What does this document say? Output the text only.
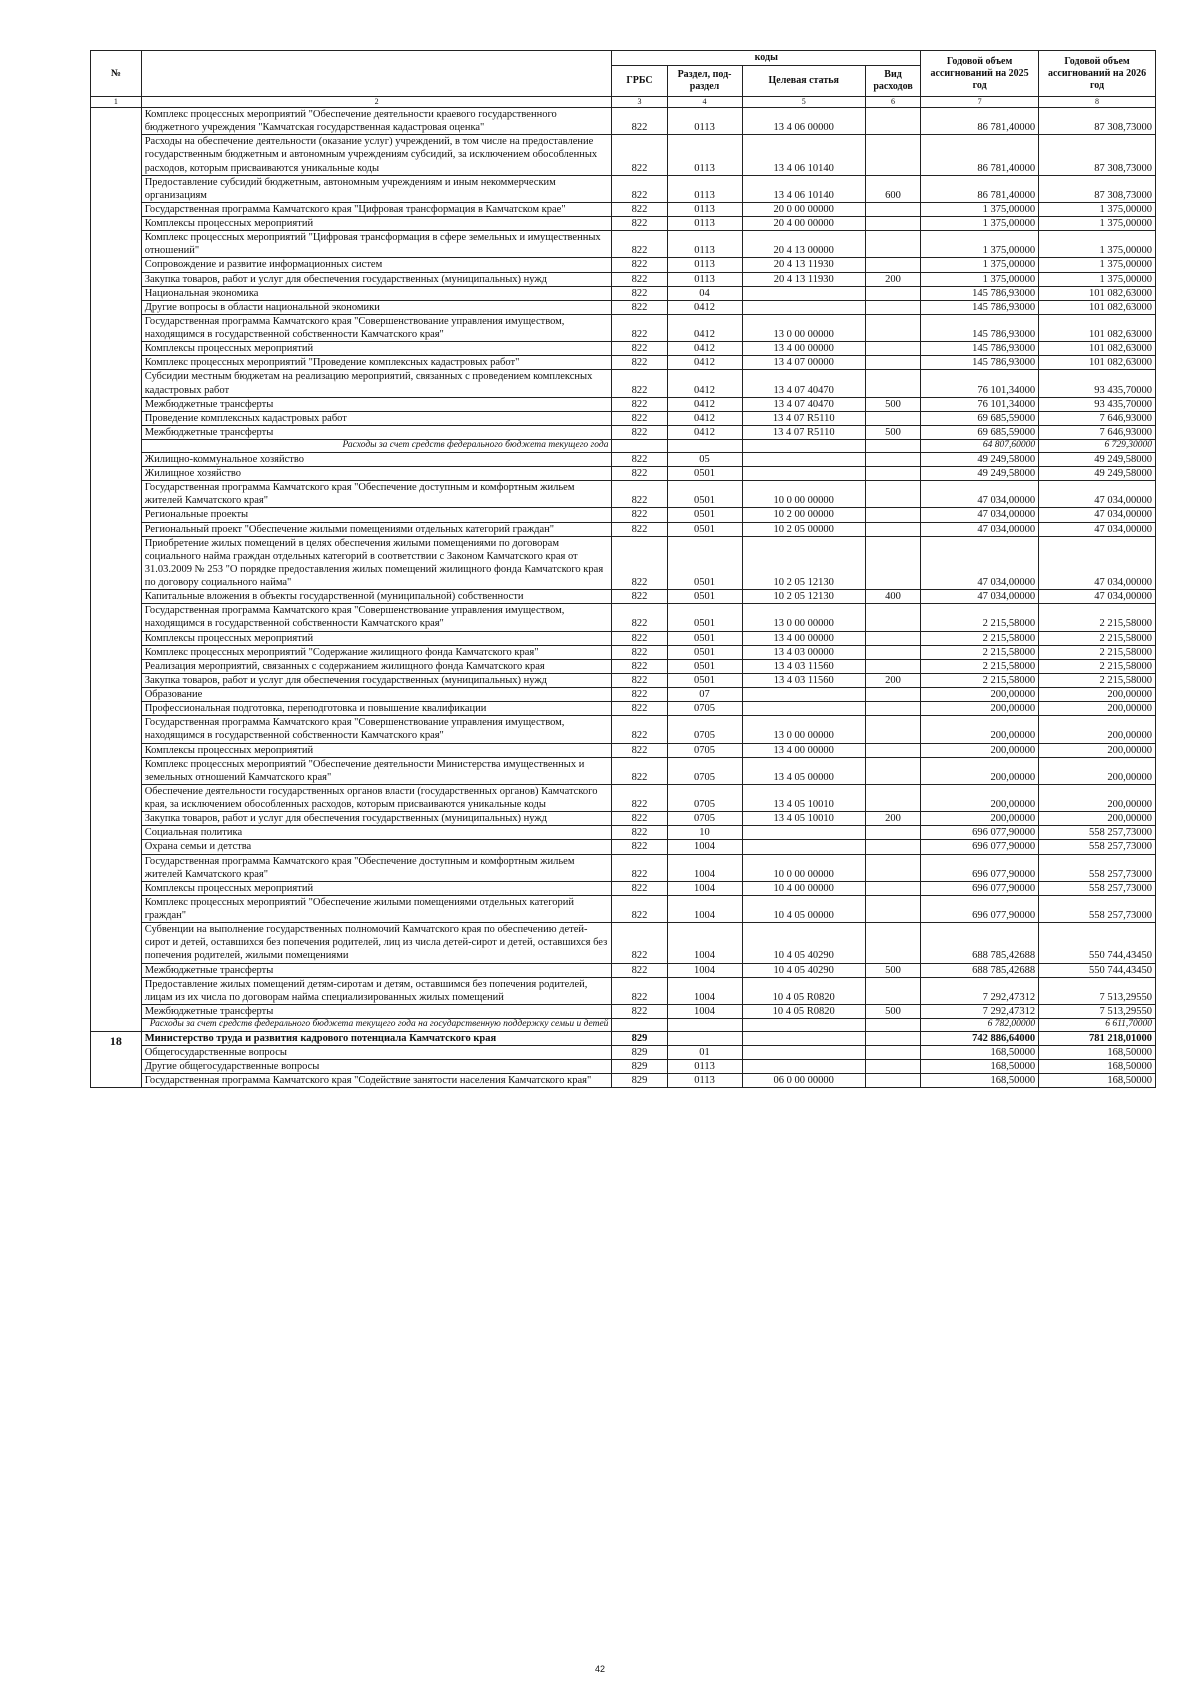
№		коды				Годовой объем ассигнований на 2025 год	Годовой объем ассигнований на 2026 год
		ГРБС	Раздел, под-раздел	Целевая статья	Вид расходов		
1	2	3	4	5	6	7	8
	Комплекс процессных мероприятий "Обеспечение деятельности краевого государственного бюджетного учреждения "Камчатская государственная кадастровая оценка"	822	0113	13 4 06 00000		86 781,40000	87 308,73000
	Расходы на обеспечение деятельности (оказание услуг) учреждений, в том числе на предоставление государственным бюджетным и автономным учреждениям субсидий, за исключением обособленных расходов, которым присваиваются уникальные коды	822	0113	13 4 06 10140		86 781,40000	87 308,73000
	Предоставление субсидий бюджетным, автономным учреждениям и иным некоммерческим организациям	822	0113	13 4 06 10140	600	86 781,40000	87 308,73000
	Государственная программа Камчатского края "Цифровая трансформация в Камчатском крае"	822	0113	20 0 00 00000		1 375,00000	1 375,00000
	Комплексы процессных мероприятий	822	0113	20 4 00 00000		1 375,00000	1 375,00000
	Комплекс процессных мероприятий "Цифровая трансформация в сфере земельных и имущественных отношений"	822	0113	20 4 13 00000		1 375,00000	1 375,00000
	Сопровождение и развитие информационных систем	822	0113	20 4 13 11930		1 375,00000	1 375,00000
	Закупка товаров, работ и услуг для обеспечения государственных (муниципальных) нужд	822	0113	20 4 13 11930	200	1 375,00000	1 375,00000
	Национальная экономика	822	04			145 786,93000	101 082,63000
	Другие вопросы в области национальной экономики	822	0412			145 786,93000	101 082,63000
	Государственная программа Камчатского края "Совершенствование управления имуществом, находящимся в государственной собственности Камчатского края"	822	0412	13 0 00 00000		145 786,93000	101 082,63000
	Комплексы процессных мероприятий	822	0412	13 4 00 00000		145 786,93000	101 082,63000
	Комплекс процессных мероприятий "Проведение комплексных кадастровых работ"	822	0412	13 4 07 00000		145 786,93000	101 082,63000
	Субсидии местным бюджетам на реализацию мероприятий, связанных с проведением комплексных кадастровых работ	822	0412	13 4 07 40470		76 101,34000	93 435,70000
	Межбюджетные трансферты	822	0412	13 4 07 40470	500	76 101,34000	93 435,70000
	Проведение комплексных кадастровых работ	822	0412	13 4 07 R5110		69 685,59000	7 646,93000
	Межбюджетные трансферты	822	0412	13 4 07 R5110	500	69 685,59000	7 646,93000
	Расходы за счет средств федерального бюджета текущего года					64 807,60000	6 729,30000
	Жилищно-коммунальное хозяйство	822	05			49 249,58000	49 249,58000
	Жилищное хозяйство	822	0501			49 249,58000	49 249,58000
	Государственная программа Камчатского края "Обеспечение доступным и комфортным жильем жителей Камчатского края"	822	0501	10 0 00 00000		47 034,00000	47 034,00000
	Региональные проекты	822	0501	10 2 00 00000		47 034,00000	47 034,00000
	Региональный проект "Обеспечение жилыми помещениями отдельных категорий граждан"	822	0501	10 2 05 00000		47 034,00000	47 034,00000
	Приобретение жилых помещений в целях обеспечения жилыми помещениями по договорам социального найма граждан отдельных категорий в соответствии с Законом Камчатского края от 31.03.2009 № 253 "О порядке предоставления жилых помещений жилищного фонда Камчатского края по договору социального найма"	822	0501	10 2 05 12130		47 034,00000	47 034,00000
	Капитальные вложения в объекты государственной (муниципальной) собственности	822	0501	10 2 05 12130	400	47 034,00000	47 034,00000
	Государственная программа Камчатского края "Совершенствование управления имуществом, находящимся в государственной собственности Камчатского края"	822	0501	13 0 00 00000		2 215,58000	2 215,58000
	Комплексы процессных мероприятий	822	0501	13 4 00 00000		2 215,58000	2 215,58000
	Комплекс процессных мероприятий "Содержание жилищного фонда Камчатского края"	822	0501	13 4 03 00000		2 215,58000	2 215,58000
	Реализация мероприятий, связанных с содержанием жилищного фонда Камчатского края	822	0501	13 4 03 11560		2 215,58000	2 215,58000
	Закупка товаров, работ и услуг для обеспечения государственных (муниципальных) нужд	822	0501	13 4 03 11560	200	2 215,58000	2 215,58000
	Образование	822	07			200,00000	200,00000
	Профессиональная подготовка, переподготовка и повышение квалификации	822	0705			200,00000	200,00000
	Государственная программа Камчатского края "Совершенствование управления имуществом, находящимся в государственной собственности Камчатского края"	822	0705	13 0 00 00000		200,00000	200,00000
	Комплексы процессных мероприятий	822	0705	13 4 00 00000		200,00000	200,00000
	Комплекс процессных мероприятий "Обеспечение деятельности Министерства имущественных и земельных отношений Камчатского края"	822	0705	13 4 05 00000		200,00000	200,00000
	Обеспечение деятельности государственных органов власти (государственных органов) Камчатского края, за исключением обособленных расходов, которым присваиваются уникальные коды	822	0705	13 4 05 10010		200,00000	200,00000
	Закупка товаров, работ и услуг для обеспечения государственных (муниципальных) нужд	822	0705	13 4 05 10010	200	200,00000	200,00000
	Социальная политика	822	10			696 077,90000	558 257,73000
	Охрана семьи и детства	822	1004			696 077,90000	558 257,73000
	Государственная программа Камчатского края "Обеспечение доступным и комфортным жильем жителей Камчатского края"	822	1004	10 0 00 00000		696 077,90000	558 257,73000
	Комплексы процессных мероприятий	822	1004	10 4 00 00000		696 077,90000	558 257,73000
	Комплекс процессных мероприятий "Обеспечение жилыми помещениями отдельных категорий граждан"	822	1004	10 4 05 00000		696 077,90000	558 257,73000
	Субвенции на выполнение государственных полномочий Камчатского края по обеспечению детей-сирот и детей, оставшихся без попечения родителей, лиц из числа детей-сирот и детей, оставшихся без попечения родителей, жилыми помещениями	822	1004	10 4 05 40290		688 785,42688	550 744,43450
	Межбюджетные трансферты	822	1004	10 4 05 40290	500	688 785,42688	550 744,43450
	Предоставление жилых помещений детям-сиротам и детям, оставшимся без попечения родителей, лицам из их числа по договорам найма специализированных жилых помещений	822	1004	10 4 05 R0820		7 292,47312	7 513,29550
	Межбюджетные трансферты	822	1004	10 4 05 R0820	500	7 292,47312	7 513,29550
	Расходы за счет средств федерального бюджета текущего года на государственную поддержку семьи и детей					6 782,00000	6 611,70000
18	Министерство труда и развития кадрового потенциала Камчатского края	829				742 886,64000	781 218,01000
	Общегосударственные вопросы	829	01			168,50000	168,50000
	Другие общегосударственные вопросы	829	0113			168,50000	168,50000
	Государственная программа Камчатского края "Содействие занятости населения Камчатского края"	829	0113	06 0 00 00000		168,50000	168,50000
42
